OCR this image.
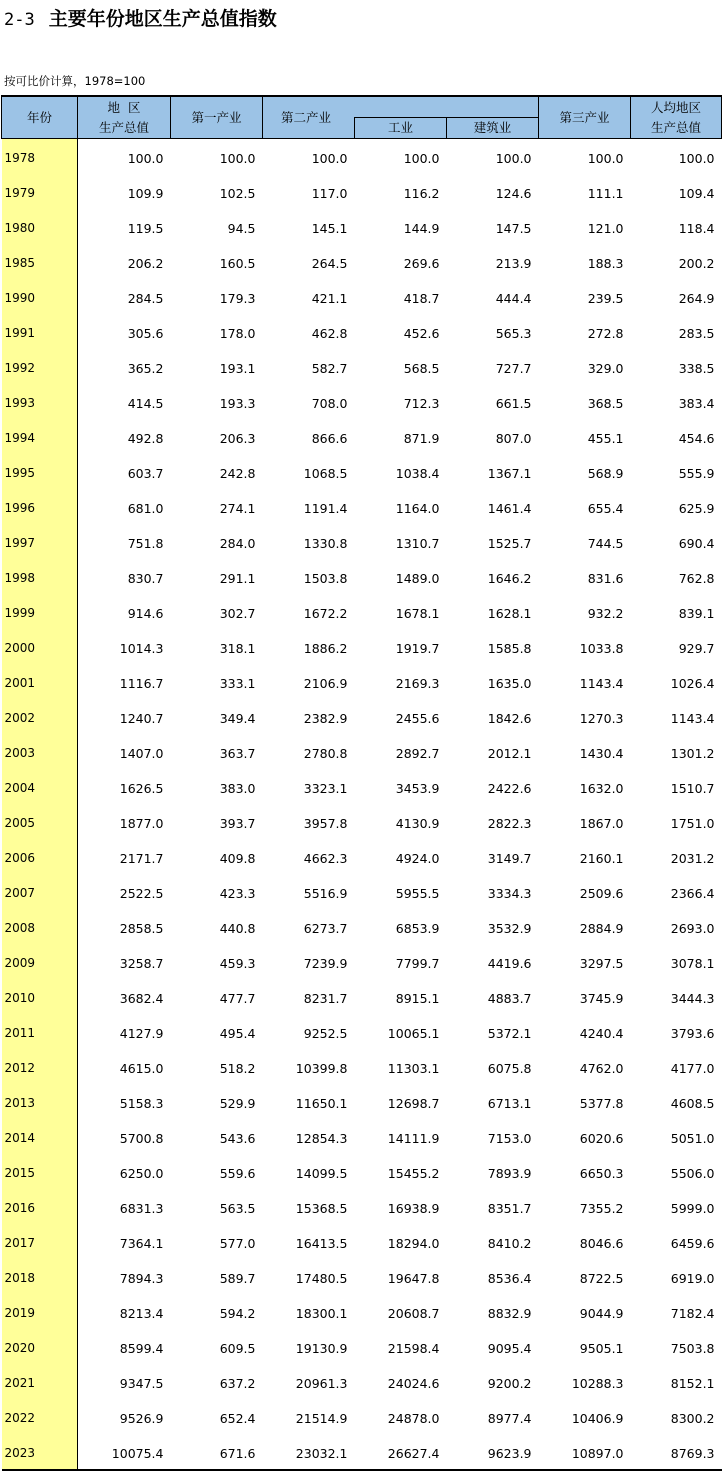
2-3 主要年份地区生产总值指数
按可比价计算，1978=100
年份	地  区
生产总值	第一产业	第二产业			第三产业	人均地区
生产总值

				工业	建筑业		
1978	100.0	100.0	100.0	100.0	100.0	100.0	100.0
1979	109.9	102.5	117.0	116.2	124.6	111.1	109.4
1980	119.5	94.5	145.1	144.9	147.5	121.0	118.4
1985	206.2	160.5	264.5	269.6	213.9	188.3	200.2
1990	284.5	179.3	421.1	418.7	444.4	239.5	264.9
1991	305.6	178.0	462.8	452.6	565.3	272.8	283.5
1992	365.2	193.1	582.7	568.5	727.7	329.0	338.5
1993	414.5	193.3	708.0	712.3	661.5	368.5	383.4
1994	492.8	206.3	866.6	871.9	807.0	455.1	454.6
1995	603.7	242.8	1068.5	1038.4	1367.1	568.9	555.9
1996	681.0	274.1	1191.4	1164.0	1461.4	655.4	625.9
1997	751.8	284.0	1330.8	1310.7	1525.7	744.5	690.4
1998	830.7	291.1	1503.8	1489.0	1646.2	831.6	762.8
1999	914.6	302.7	1672.2	1678.1	1628.1	932.2	839.1
2000	1014.3	318.1	1886.2	1919.7	1585.8	1033.8	929.7
2001	1116.7	333.1	2106.9	2169.3	1635.0	1143.4	1026.4
2002	1240.7	349.4	2382.9	2455.6	1842.6	1270.3	1143.4
2003	1407.0	363.7	2780.8	2892.7	2012.1	1430.4	1301.2
2004	1626.5	383.0	3323.1	3453.9	2422.6	1632.0	1510.7
2005	1877.0	393.7	3957.8	4130.9	2822.3	1867.0	1751.0
2006	2171.7	409.8	4662.3	4924.0	3149.7	2160.1	2031.2
2007	2522.5	423.3	5516.9	5955.5	3334.3	2509.6	2366.4
2008	2858.5	440.8	6273.7	6853.9	3532.9	2884.9	2693.0
2009	3258.7	459.3	7239.9	7799.7	4419.6	3297.5	3078.1
2010	3682.4	477.7	8231.7	8915.1	4883.7	3745.9	3444.3
2011	4127.9	495.4	9252.5	10065.1	5372.1	4240.4	3793.6
2012	4615.0	518.2	10399.8	11303.1	6075.8	4762.0	4177.0
2013	5158.3	529.9	11650.1	12698.7	6713.1	5377.8	4608.5
2014	5700.8	543.6	12854.3	14111.9	7153.0	6020.6	5051.0
2015	6250.0	559.6	14099.5	15455.2	7893.9	6650.3	5506.0
2016	6831.3	563.5	15368.5	16938.9	8351.7	7355.2	5999.0
2017	7364.1	577.0	16413.5	18294.0	8410.2	8046.6	6459.6
2018	7894.3	589.7	17480.5	19647.8	8536.4	8722.5	6919.0
2019	8213.4	594.2	18300.1	20608.7	8832.9	9044.9	7182.4
2020	8599.4	609.5	19130.9	21598.4	9095.4	9505.1	7503.8
2021	9347.5	637.2	20961.3	24024.6	9200.2	10288.3	8152.1
2022	9526.9	652.4	21514.9	24878.0	8977.4	10406.9	8300.2
2023	10075.4	671.6	23032.1	26627.4	9623.9	10897.0	8769.3
